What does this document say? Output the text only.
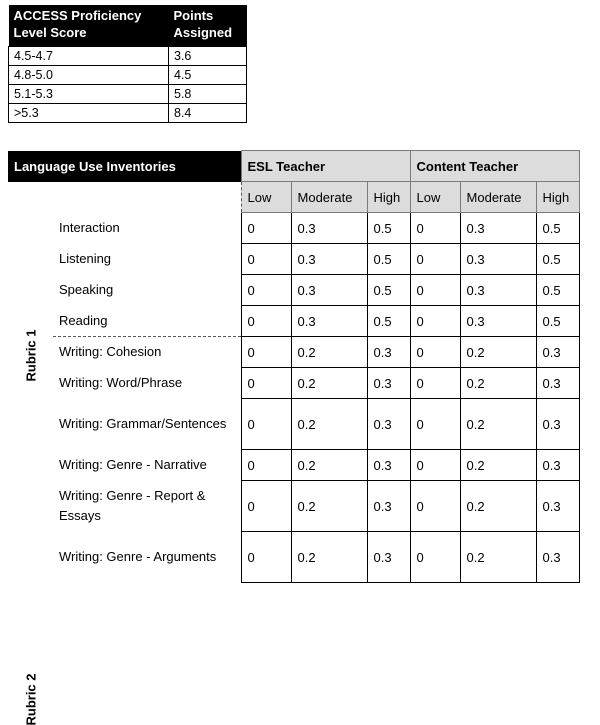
ACCESS Proficiency Level Score	Points Assigned
4.5-4.7	3.6
4.8-5.0	4.5
5.1-5.3	5.8
>5.3	8.4
Language Use Inventories		ESL Teacher			Content Teacher		
		Low	Moderate	High	Low	Moderate	High

Rubric 1	Interaction	0	0.3	0.5	0	0.3	0.5
	Listening	0	0.3	0.5	0	0.3	0.5
	Speaking	0	0.3	0.5	0	0.3	0.5
	Reading	0	0.3	0.5	0	0.3	0.5

Rubric 2	Writing: Cohesion	0	0.2	0.3	0	0.2	0.3
	Writing: Word/Phrase	0	0.2	0.3	0	0.2	0.3
	Writing: Grammar/Sentences	0	0.2	0.3	0	0.2	0.3
	Writing: Genre - Narrative	0	0.2	0.3	0	0.2	0.3
	Writing: Genre - Report & Essays	0	0.2	0.3	0	0.2	0.3
	Writing: Genre - Arguments	0	0.2	0.3	0	0.2	0.3
